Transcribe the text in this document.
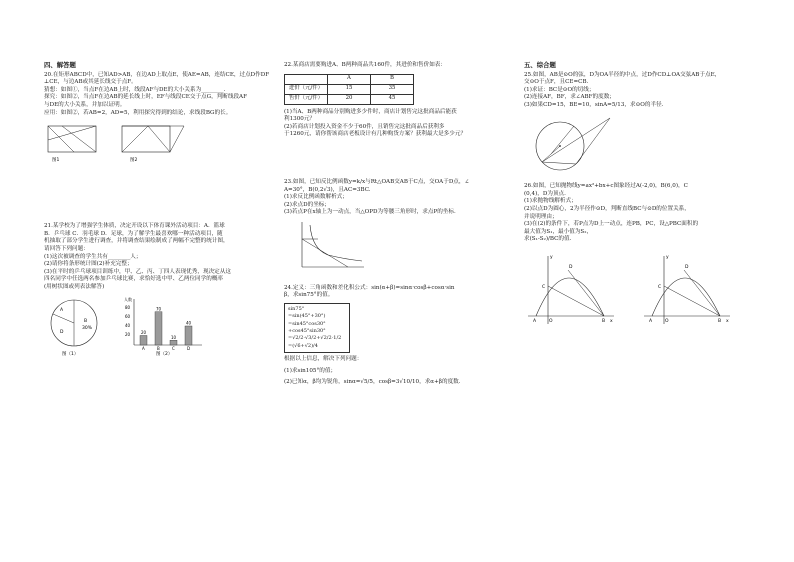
四、解答题

20.在矩形ABCD中，已知AD>AB，在边AD上取点E，使AE=AB，连结CE，过点D作DF

⊥CE，与边AB或其延长线交于点F。

猜想：如图①，当点F在边AB上时，线段AF与DE的大小关系为________.

探究：如图②，当点F在边AB的延长线上时，EF与线段CE交于点G，判断线段AF

与DE的大小关系，并加以证明。

应用：如图②，若AB=2，AD=5，利用探究得到的结论，求线段BG的长。

图1	图2

21.某学校为了增强学生体质，决定开设以下体育课外活动项目：A．篮球

B．乒乓球 C．羽毛球 D．足球，为了解学生最喜欢哪一种活动项目，随

机抽取了部分学生进行调查，并将调查结果绘制成了两幅不完整的统计图，

请回答下列问题：

(1)这次被调查的学生共有________人；

(2)请你将条形统计图(2)补充完整；

(3)在平时的乒乓球项目训练中，甲、乙、丙、丁四人表现优秀，现决定从这

四名同学中任选两名参加乒乓球比赛，求恰好选中甲、乙两位同学的概率

(用树状图或列表法解答)

A
B
30%
D
图（1）
人数
80
60
40
20	20
A
70
B
10
C
40
D
图（2）

22.某商店需要购进A、B两种商品共160件，其进价和售价如表：

	A	B
进价（元/件）	15	35
售价（元/件）	20	45

(1)当A、B两种商品分别购进多少件时，商店计划售完这批商品后能获

利1300元？

(2)若商店计划投入资金不少于60件，且销售完这批商品后获利多

于1260元，请你帮该商店老板设计有几种购货方案？获利最大是多少元？

23.如图，已知反比例函数y=k/x与Rt△OAB交AB于C点，交OA于D点，∠

A=30°，B(0,2√3)，且AC=3BC.

(1)求反比例函数解析式；

(2)求点D的坐标；

(3)若点P在x轴上为一动点，当△OPD为等腰三角形时，求点P的坐标.

24.定义：三角函数和差化积公式：sin(α+β)=sinα·cosβ+cosα·sin

β，求sin75°的值。

sin75°

=sin(45°+30°)

=sin45°cos30°+cos45°sin30°

=√2/2·√3/2+√2/2·1/2

=(√6+√2)/4

根据以上信息，解决下列问题：

(1)求sin105°的值；

(2)已知α，β均为锐角，sinα=√5/5，cosβ=3√10/10，求α+β的度数.

五、综合题

25.如图，AB是⊙O的弦，D为OA半径的中点，过D作CD⊥OA交弦AB于点E，

交⊙O于点F，且CE=CB.

(1)求证：BC是⊙O的切线；

(2)连接AF，BF，求∠ABF的度数；

(3)如果CD=15，BE=10，sinA=5/13，求⊙O的半径.

26.如图，已知抛物线y=ax²+bx+c图象经过A(-2,0)，B(6,0)，C

(0,4)，D为顶点.

(1)求抛物线解析式；

(2)以点D为圆心，2为半径作⊙D，判断直线BC与⊙D的位置关系，

并说明理由；

(3)在(2)的条件下，若P点为D上一动点，连PB，PC，设△PBC面积的

最大值为S₁，最小值为S₂，

求(S₁-S₂)/BC的值.

C
D
A	O	B x
y
C
D
A	O	B x
y
